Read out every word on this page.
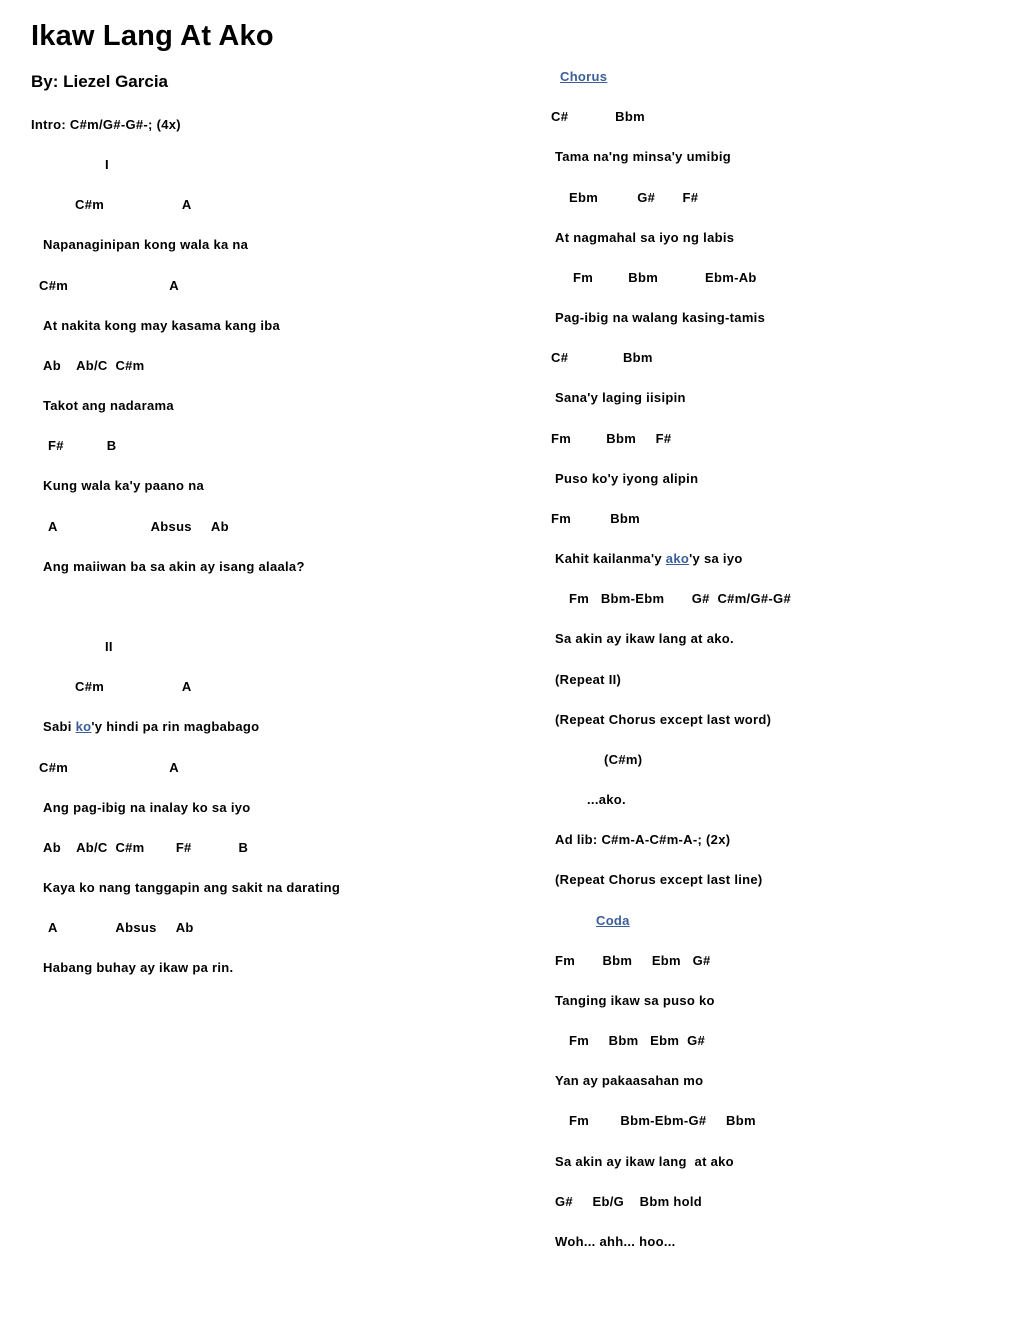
Ikaw Lang At Ako
By: Liezel Garcia
Intro: C#m/G#-G#-; (4x)
I
C#m                    A
Napanaginipan kong wala ka na
C#m                          A
At nakita kong may kasama kang iba
Ab    Ab/C  C#m
Takot ang nadarama
F#           B
Kung wala ka'y paano na
A                        Absus     Ab
Ang maiiwan ba sa akin ay isang alaala?
II
C#m                    A
Sabi ko'y hindi pa rin magbabago
C#m                          A
Ang pag-ibig na inalay ko sa iyo
Ab    Ab/C  C#m        F#            B
Kaya ko nang tanggapin ang sakit na darating
A               Absus     Ab
Habang buhay ay ikaw pa rin.
Chorus
C#            Bbm
Tama na'ng minsa'y umibig
Ebm          G#       F#
At nagmahal sa iyo ng labis
Fm         Bbm            Ebm-Ab
Pag-ibig na walang kasing-tamis
C#              Bbm
Sana'y laging iisipin
Fm         Bbm     F#
Puso ko'y iyong alipin
Fm          Bbm
Kahit kailanma'y ako'y sa iyo
Fm   Bbm-Ebm       G#  C#m/G#-G#
Sa akin ay ikaw lang at ako.
(Repeat II)
(Repeat Chorus except last word)
(C#m)
...ako.
Ad lib: C#m-A-C#m-A-; (2x)
(Repeat Chorus except last line)
Coda
Fm       Bbm     Ebm   G#
Tanging ikaw sa puso ko
Fm     Bbm   Ebm  G#
Yan ay pakaasahan mo
Fm        Bbm-Ebm-G#     Bbm
Sa akin ay ikaw lang  at ako
G#     Eb/G    Bbm hold
Woh... ahh... hoo...
